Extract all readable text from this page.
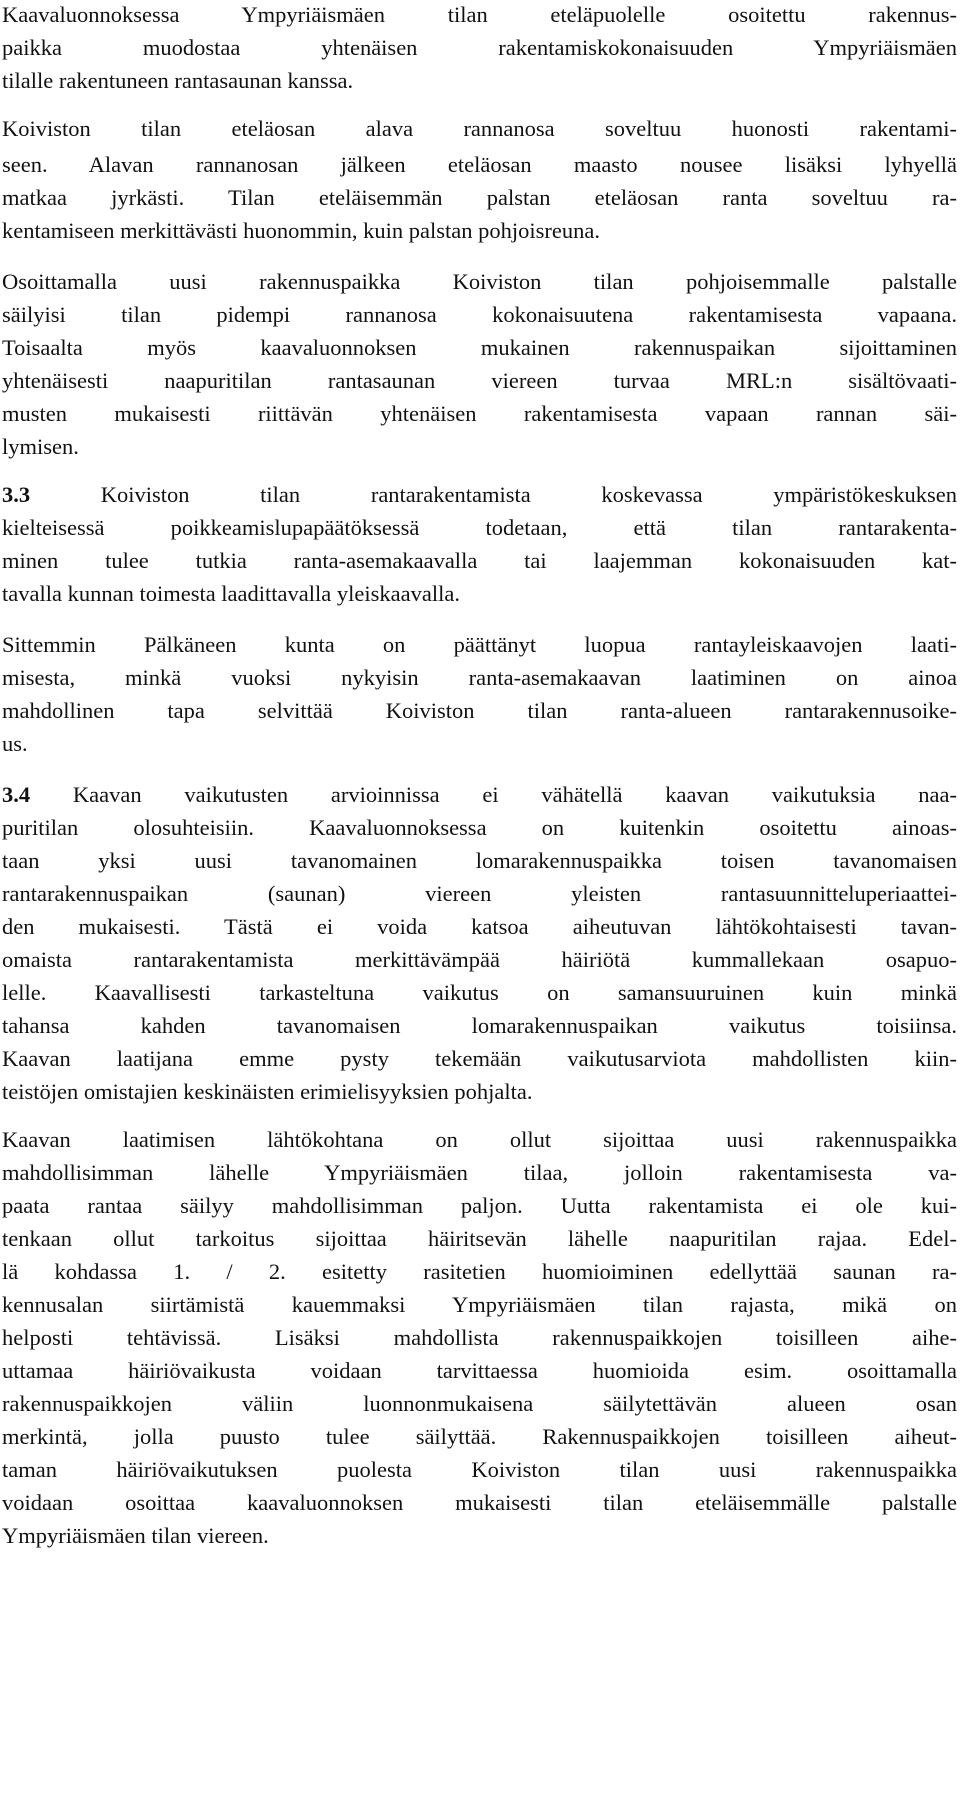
Kaavaluonnoksessa Ympyriäismäen tilan eteläpuolelle osoitettu rakennus-
paikka muodostaa yhtenäisen rakentamiskokonaisuuden Ympyriäismäen
tilalle rakentuneen rantasaunan kanssa.
Koiviston tilan eteläosan alava rannanosa soveltuu huonosti rakentami-
seen. Alavan rannanosan jälkeen eteläosan maasto nousee lisäksi lyhyellä
matkaa jyrkästi. Tilan eteläisemmän palstan eteläosan ranta soveltuu ra-
kentamiseen merkittävästi huonommin, kuin palstan pohjoisreuna.
Osoittamalla uusi rakennuspaikka Koiviston tilan pohjoisemmalle palstalle
säilyisi tilan pidempi rannanosa kokonaisuutena rakentamisesta vapaana.
Toisaalta myös kaavaluonnoksen mukainen rakennuspaikan sijoittaminen
yhtenäisesti naapuritilan rantasaunan viereen turvaa MRL:n sisältövaati-
musten mukaisesti riittävän yhtenäisen rakentamisesta vapaan rannan säi-
lymisen.
3.3 Koiviston tilan rantarakentamista koskevassa ympäristökeskuksen
kielteisessä poikkeamislupapäätöksessä todetaan, että tilan rantarakenta-
minen tulee tutkia ranta-asemakaavalla tai laajemman kokonaisuuden kat-
tavalla kunnan toimesta laadittavalla yleiskaavalla.
Sittemmin Pälkäneen kunta on päättänyt luopua rantayleiskaavojen laati-
misesta, minkä vuoksi nykyisin ranta-asemakaavan laatiminen on ainoa
mahdollinen tapa selvittää Koiviston tilan ranta-alueen rantarakennusoike-
us.
3.4 Kaavan vaikutusten arvioinnissa ei vähätellä kaavan vaikutuksia naa-
puritilan olosuhteisiin. Kaavaluonnoksessa on kuitenkin osoitettu ainoas-
taan yksi uusi tavanomainen lomarakennuspaikka toisen tavanomaisen
rantarakennuspaikan (saunan) viereen yleisten rantasuunnitteluperiaattei-
den mukaisesti. Tästä ei voida katsoa aiheutuvan lähtökohtaisesti tavan-
omaista rantarakentamista merkittävämpää häiriötä kummallekaan osapuo-
lelle. Kaavallisesti tarkasteltuna vaikutus on samansuuruinen kuin minkä
tahansa kahden tavanomaisen lomarakennuspaikan vaikutus toisiinsa.
Kaavan laatijana emme pysty tekemään vaikutusarviota mahdollisten kiin-
teistöjen omistajien keskinäisten erimielisyyksien pohjalta.
Kaavan laatimisen lähtökohtana on ollut sijoittaa uusi rakennuspaikka
mahdollisimman lähelle Ympyriäismäen tilaa, jolloin rakentamisesta va-
paata rantaa säilyy mahdollisimman paljon. Uutta rakentamista ei ole kui-
tenkaan ollut tarkoitus sijoittaa häiritsevän lähelle naapuritilan rajaa. Edel-
lä kohdassa 1. / 2. esitetty rasitetien huomioiminen edellyttää saunan ra-
kennusalan siirtämistä kauemmaksi Ympyriäismäen tilan rajasta, mikä on
helposti tehtävissä. Lisäksi mahdollista rakennuspaikkojen toisilleen aihe-
uttamaa häiriövaikusta voidaan tarvittaessa huomioida esim. osoittamalla
rakennuspaikkojen väliin luonnonmukaisena säilytettävän alueen osan
merkintä, jolla puusto tulee säilyttää. Rakennuspaikkojen toisilleen aiheut-
taman häiriövaikutuksen puolesta Koiviston tilan uusi rakennuspaikka
voidaan osoittaa kaavaluonnoksen mukaisesti tilan eteläisemmälle palstalle
Ympyriäismäen tilan viereen.
